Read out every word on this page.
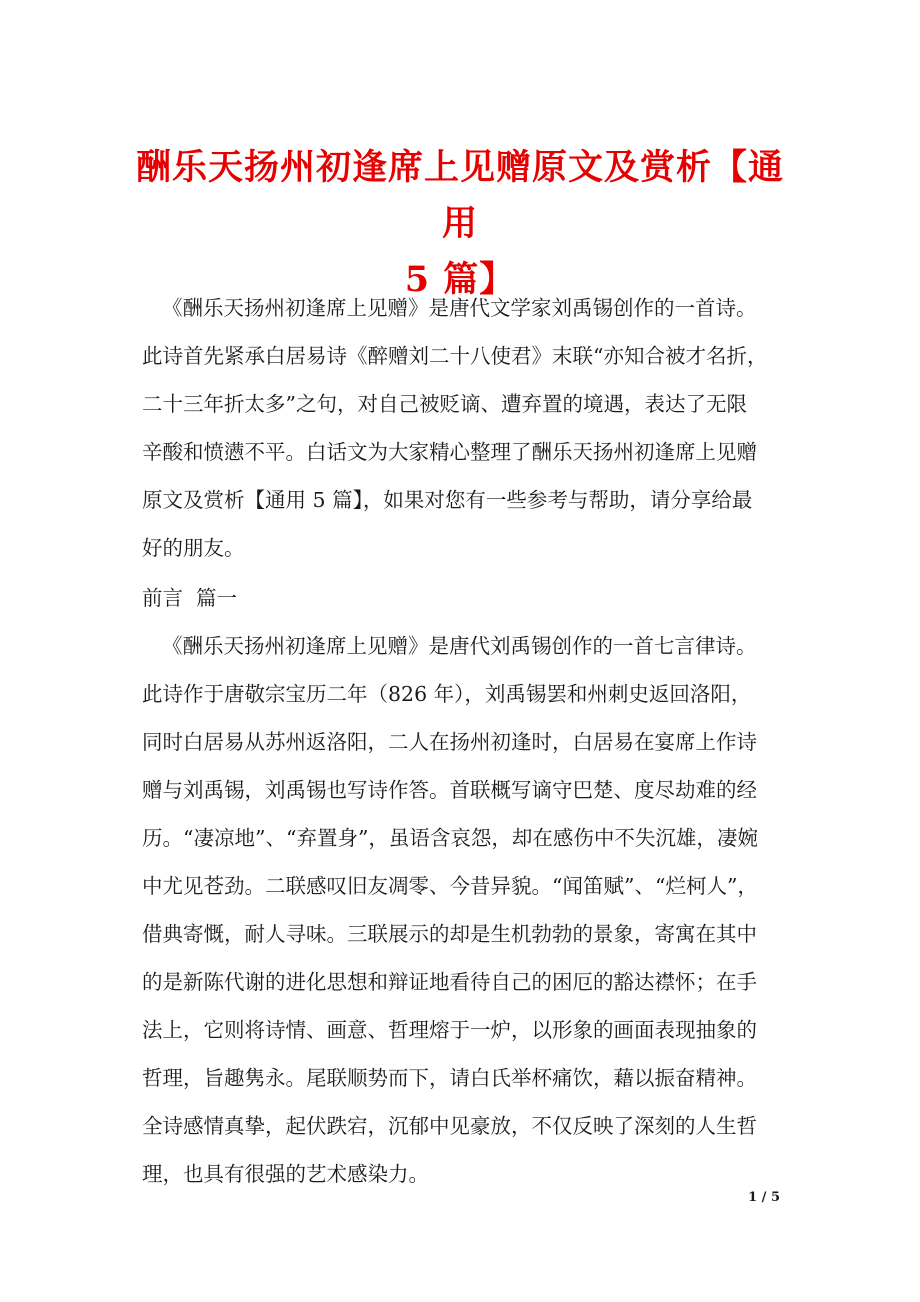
酬乐天扬州初逢席上见赠原文及赏析【通用
5 篇】
《酬乐天扬州初逢席上见赠》是唐代文学家刘禹锡创作的一首诗。
此诗首先紧承白居易诗《醉赠刘二十八使君》末联“亦知合被才名折，
二十三年折太多”之句，对自己被贬谪、遭弃置的境遇，表达了无限
辛酸和愤懑不平。白话文为大家精心整理了酬乐天扬州初逢席上见赠
原文及赏析【通用 5 篇】，如果对您有一些参考与帮助，请分享给最
好的朋友。
前言  篇一
《酬乐天扬州初逢席上见赠》是唐代刘禹锡创作的一首七言律诗。
此诗作于唐敬宗宝历二年（826 年），刘禹锡罢和州刺史返回洛阳，
同时白居易从苏州返洛阳，二人在扬州初逢时，白居易在宴席上作诗
赠与刘禹锡，刘禹锡也写诗作答。首联概写谪守巴楚、度尽劫难的经
历。“凄凉地”、“弃置身”，虽语含哀怨，却在感伤中不失沉雄，凄婉
中尤见苍劲。二联感叹旧友凋零、今昔异貌。“闻笛赋”、“烂柯人”，
借典寄慨，耐人寻味。三联展示的却是生机勃勃的景象，寄寓在其中
的是新陈代谢的进化思想和辩证地看待自己的困厄的豁达襟怀；在手
法上，它则将诗情、画意、哲理熔于一炉，以形象的画面表现抽象的
哲理，旨趣隽永。尾联顺势而下，请白氏举杯痛饮，藉以振奋精神。
全诗感情真挚，起伏跌宕，沉郁中见豪放，不仅反映了深刻的人生哲
理，也具有很强的艺术感染力。
1 / 5
